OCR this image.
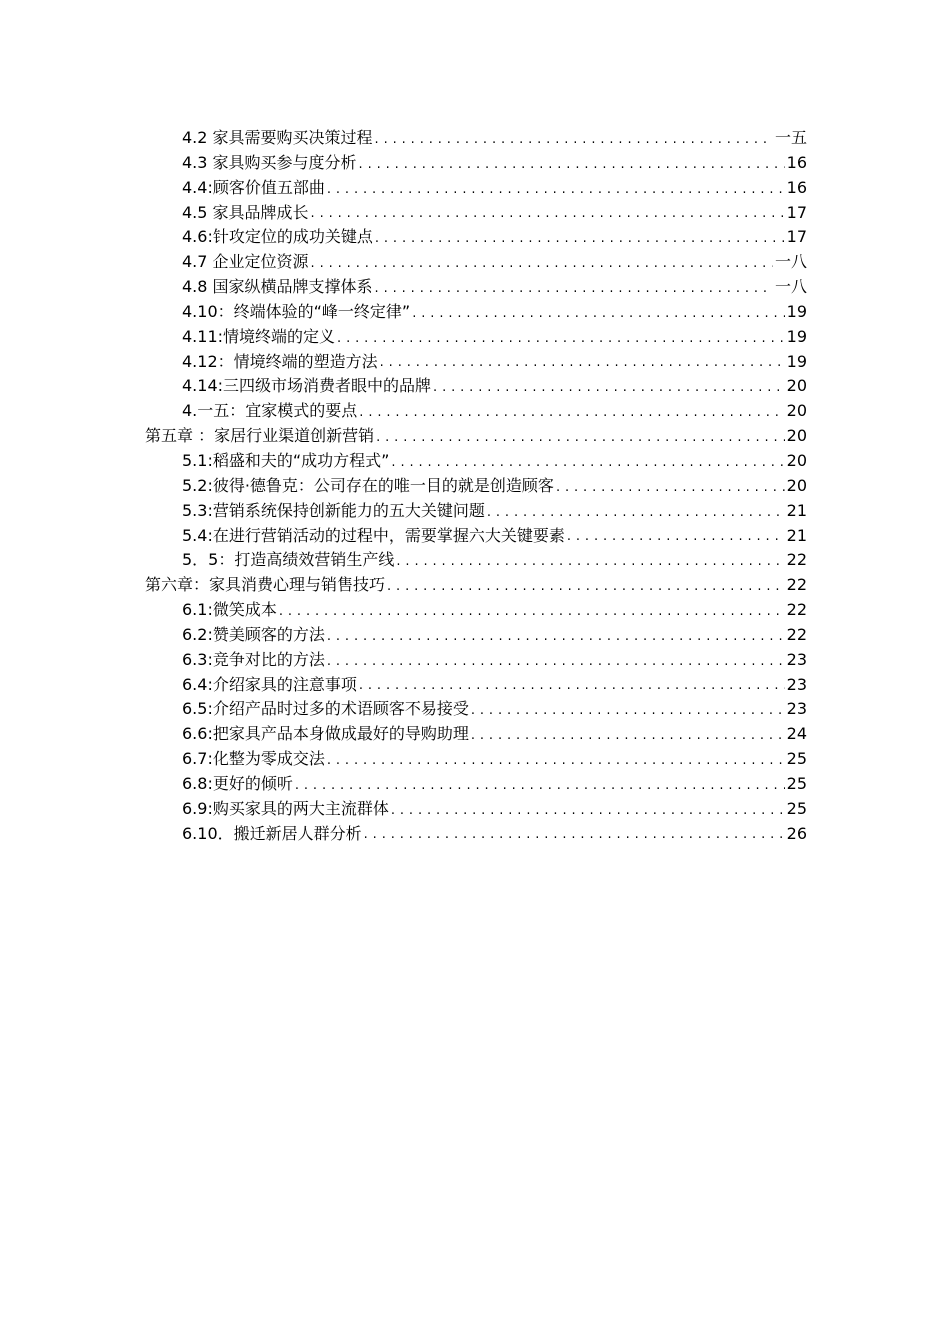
4.2 家具需要购买决策过程 .....	一五
4.3 家具购买参与度分析 .....	16
4.4:顾客价值五部曲 .....	16
4.5 家具品牌成长 .....	17
4.6:针攻定位的成功关键点 .....	17
4.7 企业定位资源 .....	一八
4.8 国家纵横品牌支撑体系 .....	一八
4.10：终端体验的“峰一终定律” .....	19
4.11:情境终端的定义 .....	19
4.12：情境终端的塑造方法 .....	19
4.14:三四级市场消费者眼中的品牌 .....	20
4.一五：宜家模式的要点 .....	20
第五章 ：家居行业渠道创新营销 .....	20
5.1:稻盛和夫的“成功方程式” .....	20
5.2:彼得·德鲁克：公司存在的唯一目的就是创造顾客 .....	20
5.3:营销系统保持创新能力的五大关键问题 .....	21
5.4:在进行营销活动的过程中，需要掌握六大关键要素 .....	21
5．5：打造高绩效营销生产线 .....	22
第六章：家具消费心理与销售技巧 .....	22
6.1:微笑成本 .....	22
6.2:赞美顾客的方法 .....	22
6.3:竞争对比的方法 .....	23
6.4:介绍家具的注意事项 .....	23
6.5:介绍产品时过多的术语顾客不易接受 .....	23
6.6:把家具产品本身做成最好的导购助理 .....	24
6.7:化整为零成交法 .....	25
6.8:更好的倾听 .....	25
6.9:购买家具的两大主流群体 .....	25
6.10．搬迁新居人群分析 .....	26
